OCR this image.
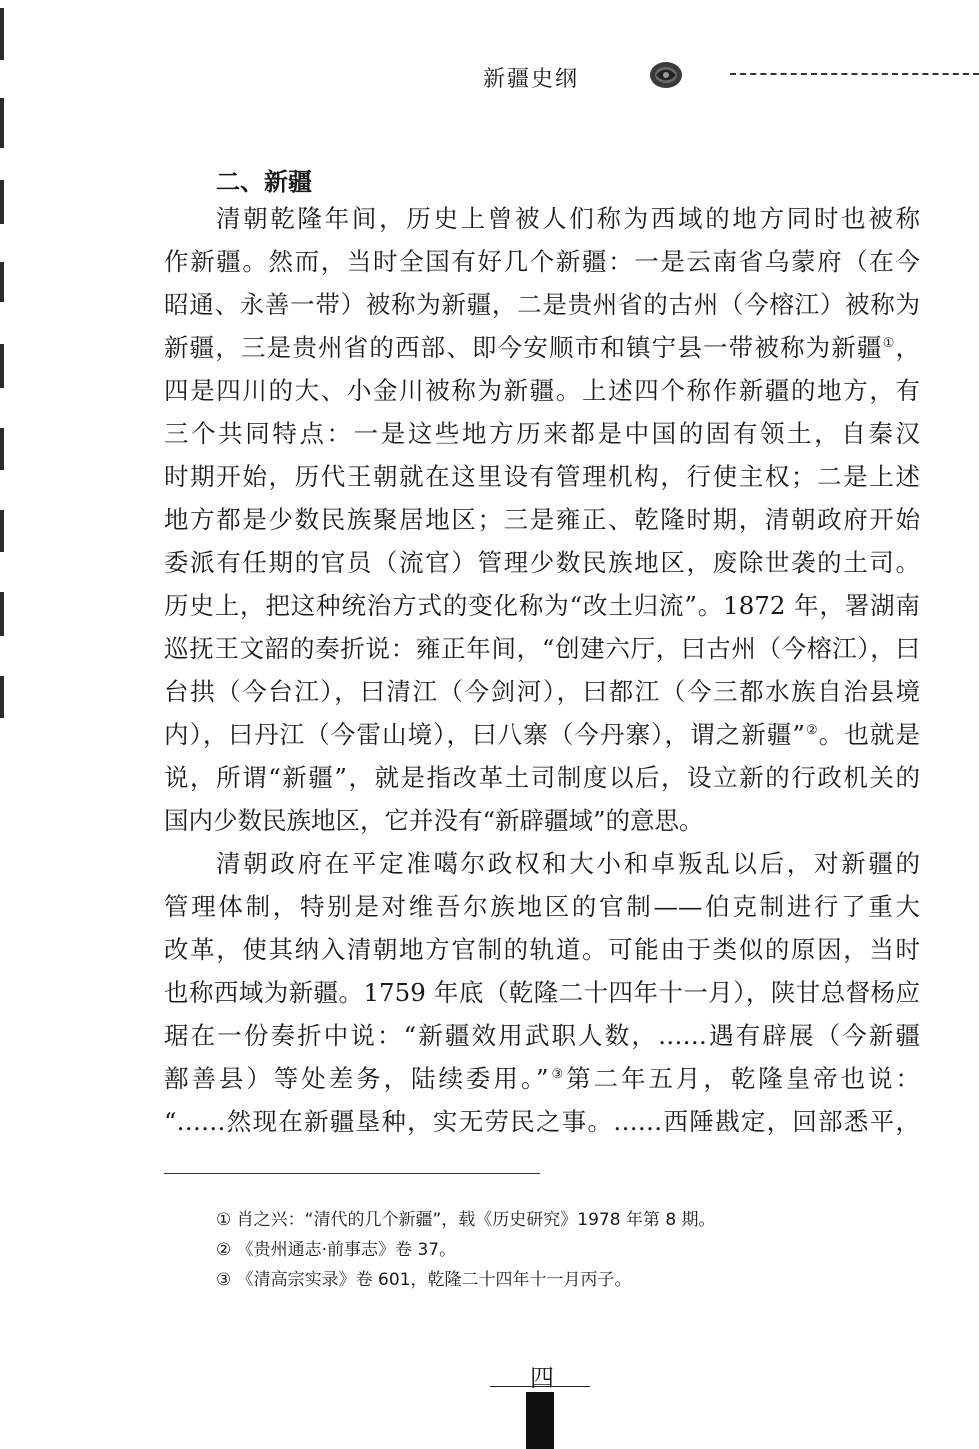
新疆史纲
二、新疆
清朝乾隆年间，历史上曾被人们称为西域的地方同时也被称
作新疆。然而，当时全国有好几个新疆：一是云南省乌蒙府（在今
昭通、永善一带）被称为新疆，二是贵州省的古州（今榕江）被称为
新疆，三是贵州省的西部、即今安顺市和镇宁县一带被称为新疆①，
四是四川的大、小金川被称为新疆。上述四个称作新疆的地方，有
三个共同特点：一是这些地方历来都是中国的固有领土，自秦汉
时期开始，历代王朝就在这里设有管理机构，行使主权；二是上述
地方都是少数民族聚居地区；三是雍正、乾隆时期，清朝政府开始
委派有任期的官员（流官）管理少数民族地区，废除世袭的土司。
历史上，把这种统治方式的变化称为“改土归流”。1872 年，署湖南
巡抚王文韶的奏折说：雍正年间，“创建六厅，曰古州（今榕江），曰
台拱（今台江），曰清江（今剑河），曰都江（今三都水族自治县境
内），曰丹江（今雷山境），曰八寨（今丹寨），谓之新疆”②。也就是
说，所谓“新疆”，就是指改革土司制度以后，设立新的行政机关的
国内少数民族地区，它并没有“新辟疆域”的意思。
清朝政府在平定准噶尔政权和大小和卓叛乱以后，对新疆的
管理体制，特别是对维吾尔族地区的官制——伯克制进行了重大
改革，使其纳入清朝地方官制的轨道。可能由于类似的原因，当时
也称西域为新疆。1759 年底（乾隆二十四年十一月），陕甘总督杨应
琚在一份奏折中说：“新疆效用武职人数，……遇有辟展（今新疆
鄯善县）等处差务，陆续委用。”③第二年五月，乾隆皇帝也说：
“……然现在新疆垦种，实无劳民之事。……西陲戡定，回部悉平，
① 肖之兴：“清代的几个新疆”，载《历史研究》1978 年第 8 期。
② 《贵州通志·前事志》卷 37。
③ 《清高宗实录》卷 601，乾隆二十四年十一月丙子。
四
